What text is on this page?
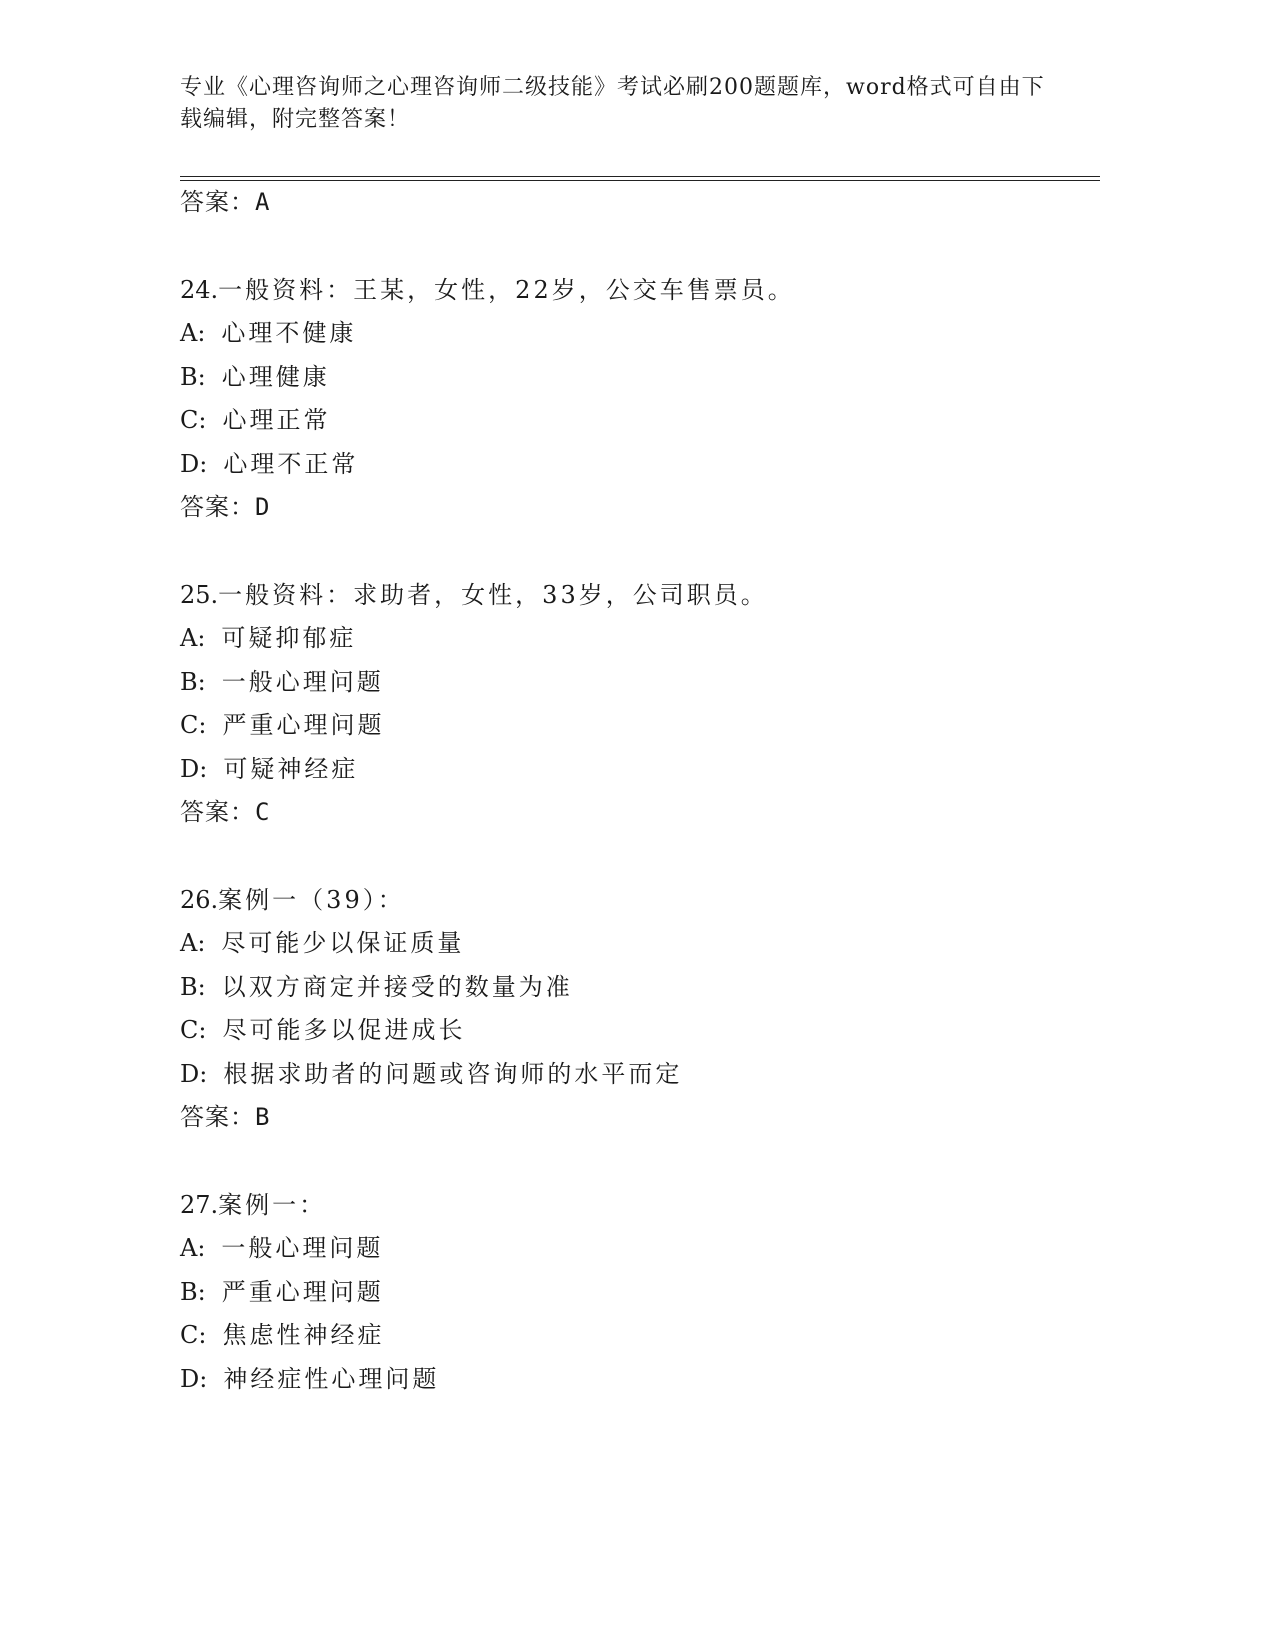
专业《心理咨询师之心理咨询师二级技能》考试必刷200题题库，word格式可自由下载编辑，附完整答案！
答案：A
24.一般资料：王某，女性，22岁，公交车售票员。
A: 心理不健康
B: 心理健康
C: 心理正常
D: 心理不正常
答案：D
25.一般资料：求助者，女性，33岁，公司职员。
A: 可疑抑郁症
B: 一般心理问题
C: 严重心理问题
D: 可疑神经症
答案：C
26.案例一（39）：
A: 尽可能少以保证质量
B: 以双方商定并接受的数量为准
C: 尽可能多以促进成长
D: 根据求助者的问题或咨询师的水平而定
答案：B
27.案例一：
A: 一般心理问题
B: 严重心理问题
C: 焦虑性神经症
D: 神经症性心理问题
